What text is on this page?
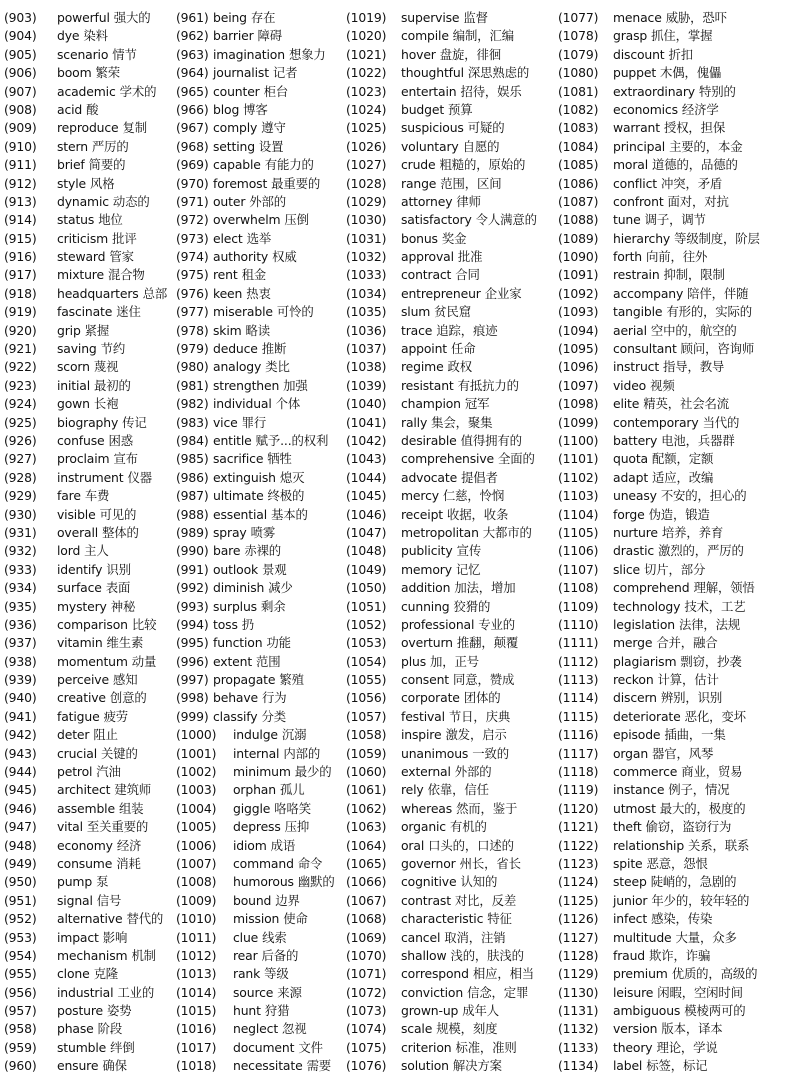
(903) powerful 强大的
(904) dye 染料
(905) scenario 情节
(906) boom 繁荣
(907) academic 学术的
(908) acid 酸
(909) reproduce 复制
(910) stern 严厉的
(911) brief 简要的
(912) style 风格
(913) dynamic 动态的
(914) status 地位
(915) criticism 批评
(916) steward 管家
(917) mixture 混合物
(918) headquarters 总部
(919) fascinate 迷住
(920) grip 紧握
(921) saving 节约
(922) scorn 蔑视
(923) initial 最初的
(924) gown 长袍
(925) biography 传记
(926) confuse 困惑
(927) proclaim 宣布
(928) instrument 仪器
(929) fare 车费
(930) visible 可见的
(931) overall 整体的
(932) lord 主人
(933) identify 识别
(934) surface 表面
(935) mystery 神秘
(936) comparison 比较
(937) vitamin 维生素
(938) momentum 动量
(939) perceive 感知
(940) creative 创意的
(941) fatigue 疲劳
(942) deter 阻止
(943) crucial 关键的
(944) petrol 汽油
(945) architect 建筑师
(946) assemble 组装
(947) vital 至关重要的
(948) economy 经济
(949) consume 消耗
(950) pump 泵
(951) signal 信号
(952) alternative 替代的
(953) impact 影响
(954) mechanism 机制
(955) clone 克隆
(956) industrial 工业的
(957) posture 姿势
(958) phase 阶段
(959) stumble 绊倒
(960) ensure 确保
(961) being 存在
(962) barrier 障碍
(963) imagination 想象力
(964) journalist 记者
(965) counter 柜台
(966) blog 博客
(967) comply 遵守
(968) setting 设置
(969) capable 有能力的
(970) foremost 最重要的
(971) outer 外部的
(972) overwhelm 压倒
(973) elect 选举
(974) authority 权威
(975) rent 租金
(976) keen 热衷
(977) miserable 可怜的
(978) skim 略读
(979) deduce 推断
(980) analogy 类比
(981) strengthen 加强
(982) individual 个体
(983) vice 罪行
(984) entitle 赋予...的权利
(985) sacrifice 牺牲
(986) extinguish 熄灭
(987) ultimate 终极的
(988) essential 基本的
(989) spray 喷雾
(990) bare 赤裸的
(991) outlook 景观
(992) diminish 减少
(993) surplus 剩余
(994) toss 扔
(995) function 功能
(996) extent 范围
(997) propagate 繁殖
(998) behave 行为
(999) classify 分类
(1000) indulge 沉溺
(1001) internal 内部的
(1002) minimum 最少的
(1003) orphan 孤儿
(1004) giggle 咯咯笑
(1005) depress 压抑
(1006) idiom 成语
(1007) command 命令
(1008) humorous 幽默的
(1009) bound 边界
(1010) mission 使命
(1011) clue 线索
(1012) rear 后备的
(1013) rank 等级
(1014) source 来源
(1015) hunt 狩猎
(1016) neglect 忽视
(1017) document 文件
(1018) necessitate 需要
(1019) supervise 监督
(1020) compile 编制，汇编
(1021) hover 盘旋，徘徊
(1022) thoughtful 深思熟虑的
(1023) entertain 招待，娱乐
(1024) budget 预算
(1025) suspicious 可疑的
(1026) voluntary 自愿的
(1027) crude 粗糙的，原始的
(1028) range 范围，区间
(1029) attorney 律师
(1030) satisfactory 令人满意的
(1031) bonus 奖金
(1032) approval 批准
(1033) contract 合同
(1034) entrepreneur 企业家
(1035) slum 贫民窟
(1036) trace 追踪，痕迹
(1037) appoint 任命
(1038) regime 政权
(1039) resistant 有抵抗力的
(1040) champion 冠军
(1041) rally 集会，聚集
(1042) desirable 值得拥有的
(1043) comprehensive 全面的
(1044) advocate 提倡者
(1045) mercy 仁慈，怜悯
(1046) receipt 收据，收条
(1047) metropolitan 大都市的
(1048) publicity 宣传
(1049) memory 记忆
(1050) addition 加法，增加
(1051) cunning 狡猾的
(1052) professional 专业的
(1053) overturn 推翻，颠覆
(1054) plus 加，正号
(1055) consent 同意，赞成
(1056) corporate 团体的
(1057) festival 节日，庆典
(1058) inspire 激发，启示
(1059) unanimous 一致的
(1060) external 外部的
(1061) rely 依靠，信任
(1062) whereas 然而，鉴于
(1063) organic 有机的
(1064) oral 口头的，口述的
(1065) governor 州长，省长
(1066) cognitive 认知的
(1067) contrast 对比，反差
(1068) characteristic 特征
(1069) cancel 取消，注销
(1070) shallow 浅的，肤浅的
(1071) correspond 相应，相当
(1072) conviction 信念，定罪
(1073) grown-up 成年人
(1074) scale 规模，刻度
(1075) criterion 标准，准则
(1076) solution 解决方案
(1077) menace 威胁，恐吓
(1078) grasp 抓住，掌握
(1079) discount 折扣
(1080) puppet 木偶，傀儡
(1081) extraordinary 特别的
(1082) economics 经济学
(1083) warrant 授权，担保
(1084) principal 主要的，本金
(1085) moral 道德的，品德的
(1086) conflict 冲突，矛盾
(1087) confront 面对，对抗
(1088) tune 调子，调节
(1089) hierarchy 等级制度，阶层
(1090) forth 向前，往外
(1091) restrain 抑制，限制
(1092) accompany 陪伴，伴随
(1093) tangible 有形的，实际的
(1094) aerial 空中的，航空的
(1095) consultant 顾问，咨询师
(1096) instruct 指导，教导
(1097) video 视频
(1098) elite 精英，社会名流
(1099) contemporary 当代的
(1100) battery 电池，兵器群
(1101) quota 配额，定额
(1102) adapt 适应，改编
(1103) uneasy 不安的，担心的
(1104) forge 伪造，锻造
(1105) nurture 培养，养育
(1106) drastic 激烈的，严厉的
(1107) slice 切片，部分
(1108) comprehend 理解，领悟
(1109) technology 技术，工艺
(1110) legislation 法律，法规
(1111) merge 合并，融合
(1112) plagiarism 剽窃，抄袭
(1113) reckon 计算，估计
(1114) discern 辨别，识别
(1115) deteriorate 恶化，变坏
(1116) episode 插曲，一集
(1117) organ 器官，风琴
(1118) commerce 商业，贸易
(1119) instance 例子，情况
(1120) utmost 最大的，极度的
(1121) theft 偷窃，盗窃行为
(1122) relationship 关系，联系
(1123) spite 恶意，怨恨
(1124) steep 陡峭的，急剧的
(1125) junior 年少的，较年轻的
(1126) infect 感染，传染
(1127) multitude 大量，众多
(1128) fraud 欺诈，诈骗
(1129) premium 优质的，高级的
(1130) leisure 闲暇，空闲时间
(1131) ambiguous 模棱两可的
(1132) version 版本，译本
(1133) theory 理论，学说
(1134) label 标签，标记
